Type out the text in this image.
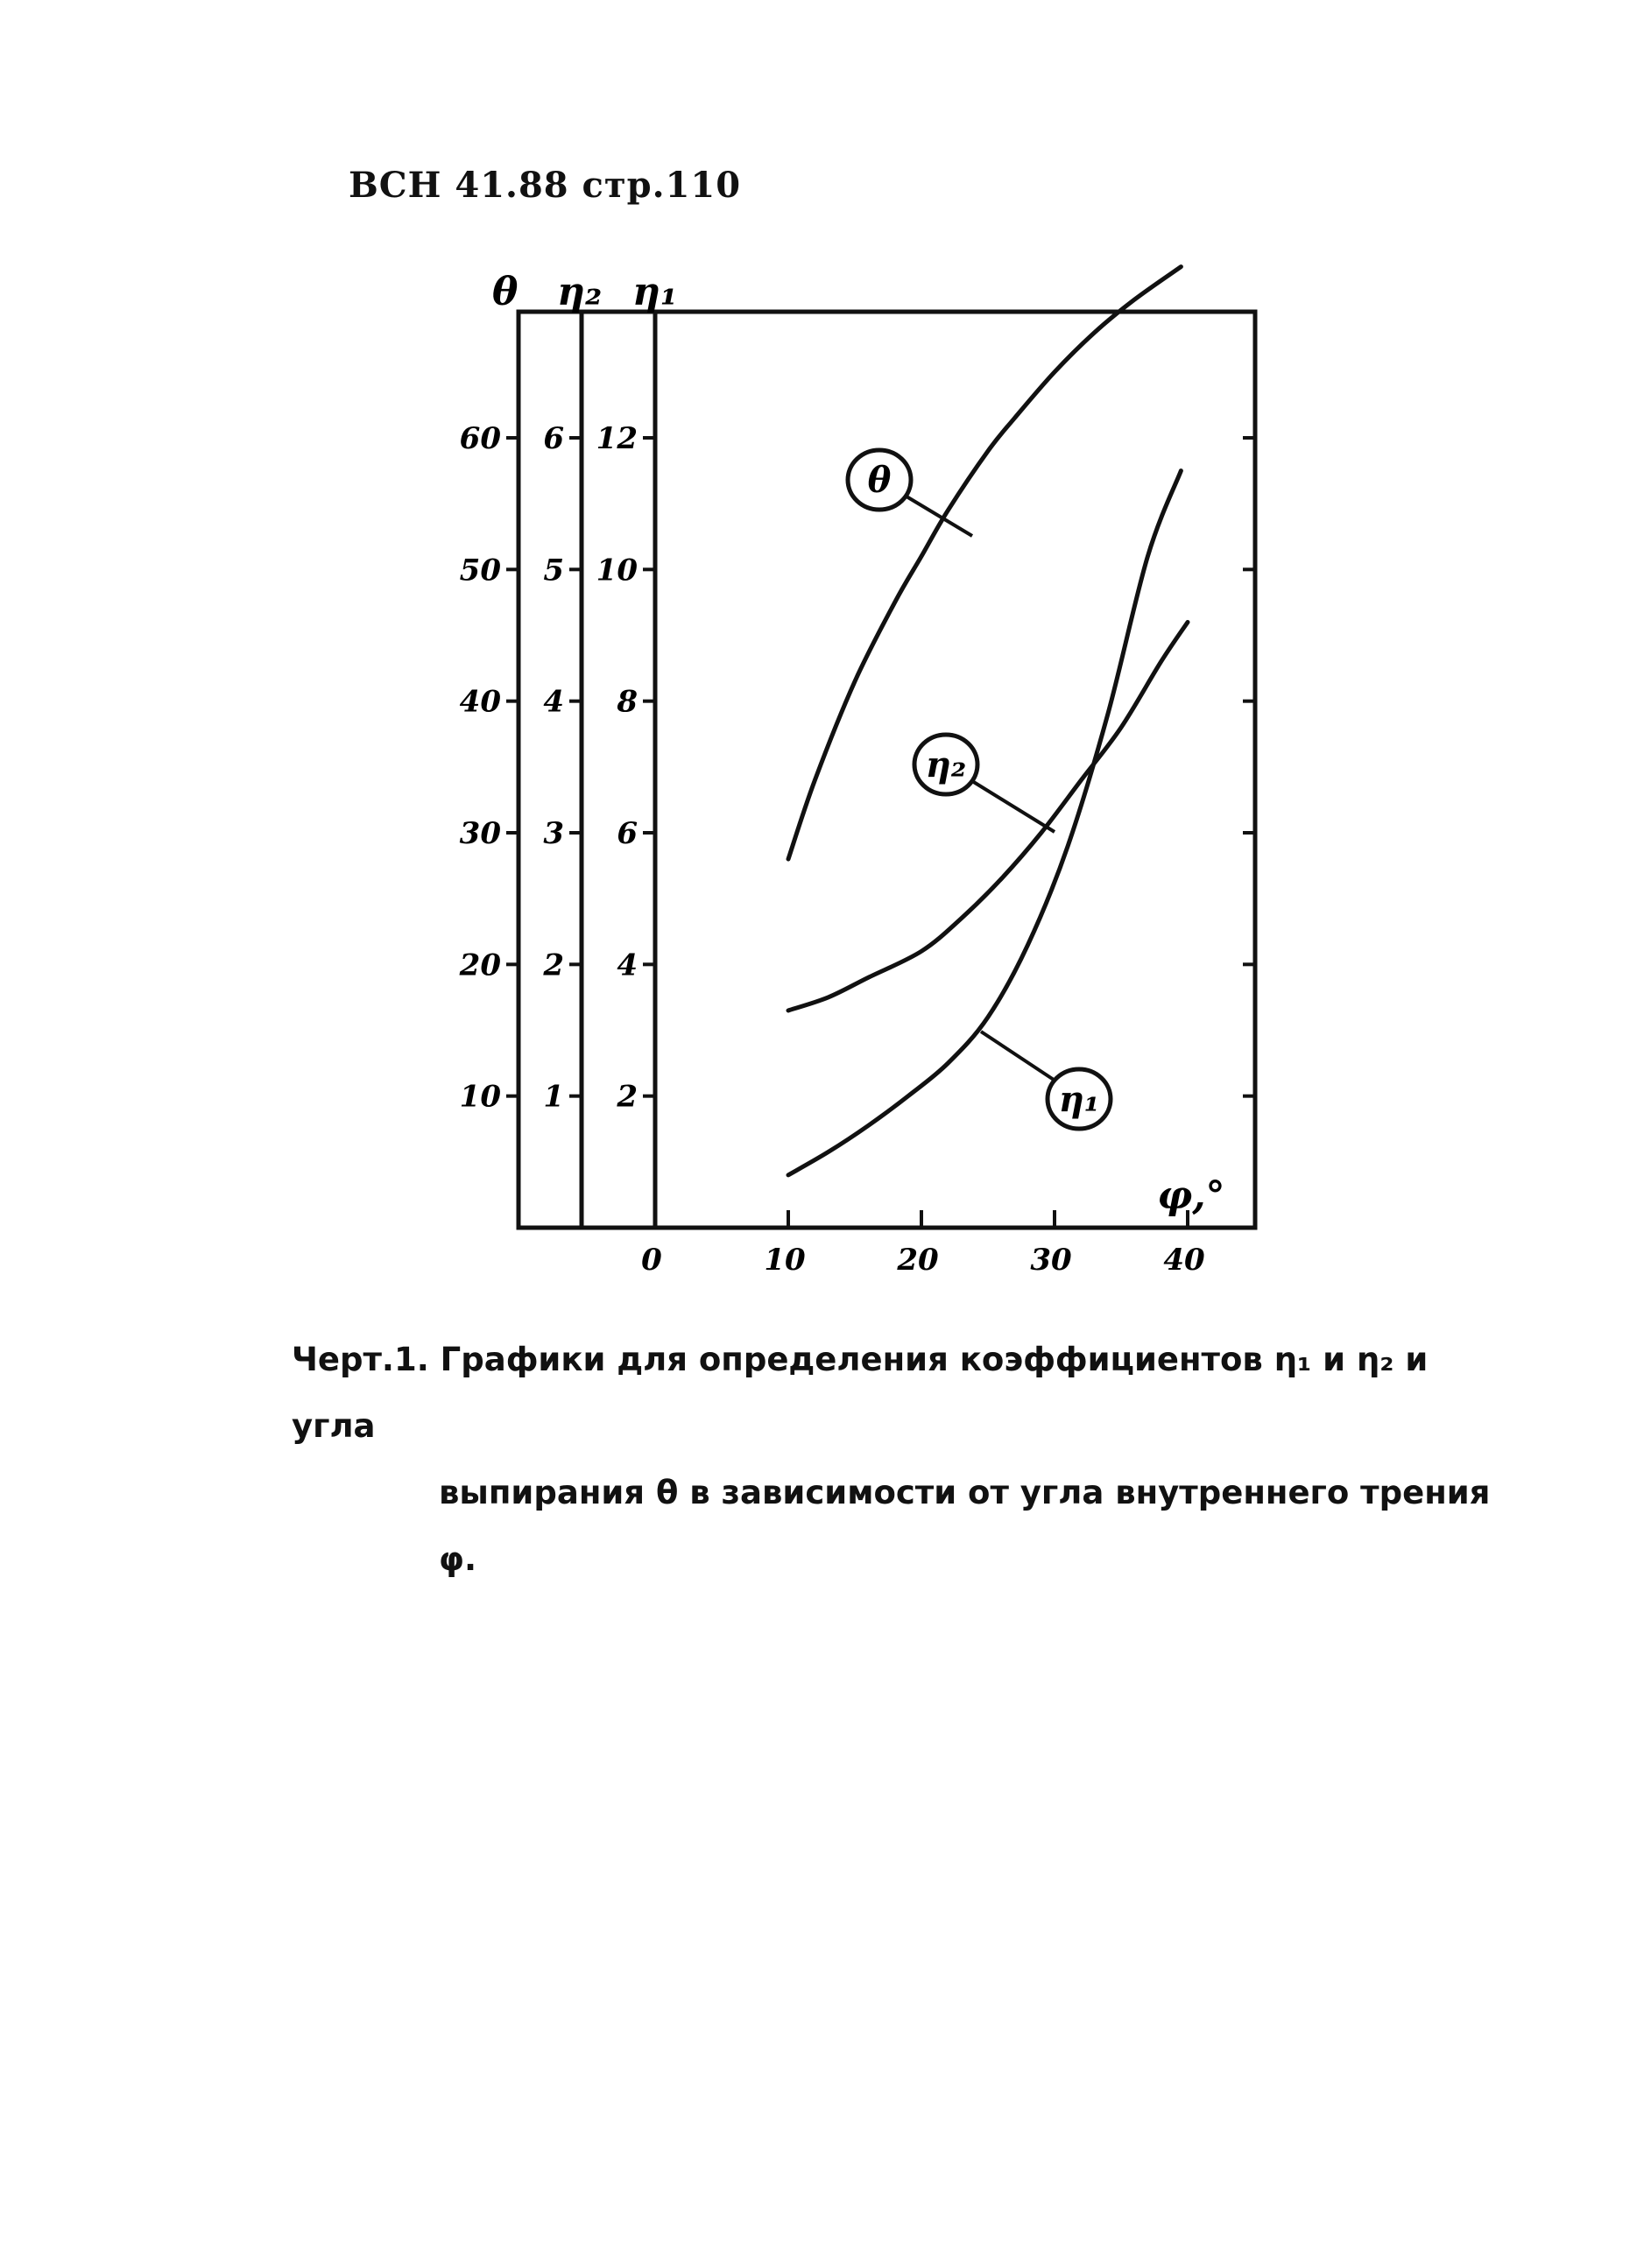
ВСН 41.88 стр.110
θ η₂ η₁
10
20
30
40
50
60
1
2
3
4
5
6
2
4
6
8
10
12
0	10	20	30	40
φ,°
θ
η₂
η₁
Черт.1. Графики для определения коэффициентов η₁ и η₂ и угла
выпирания θ в зависимости от угла внутреннего трения φ.
